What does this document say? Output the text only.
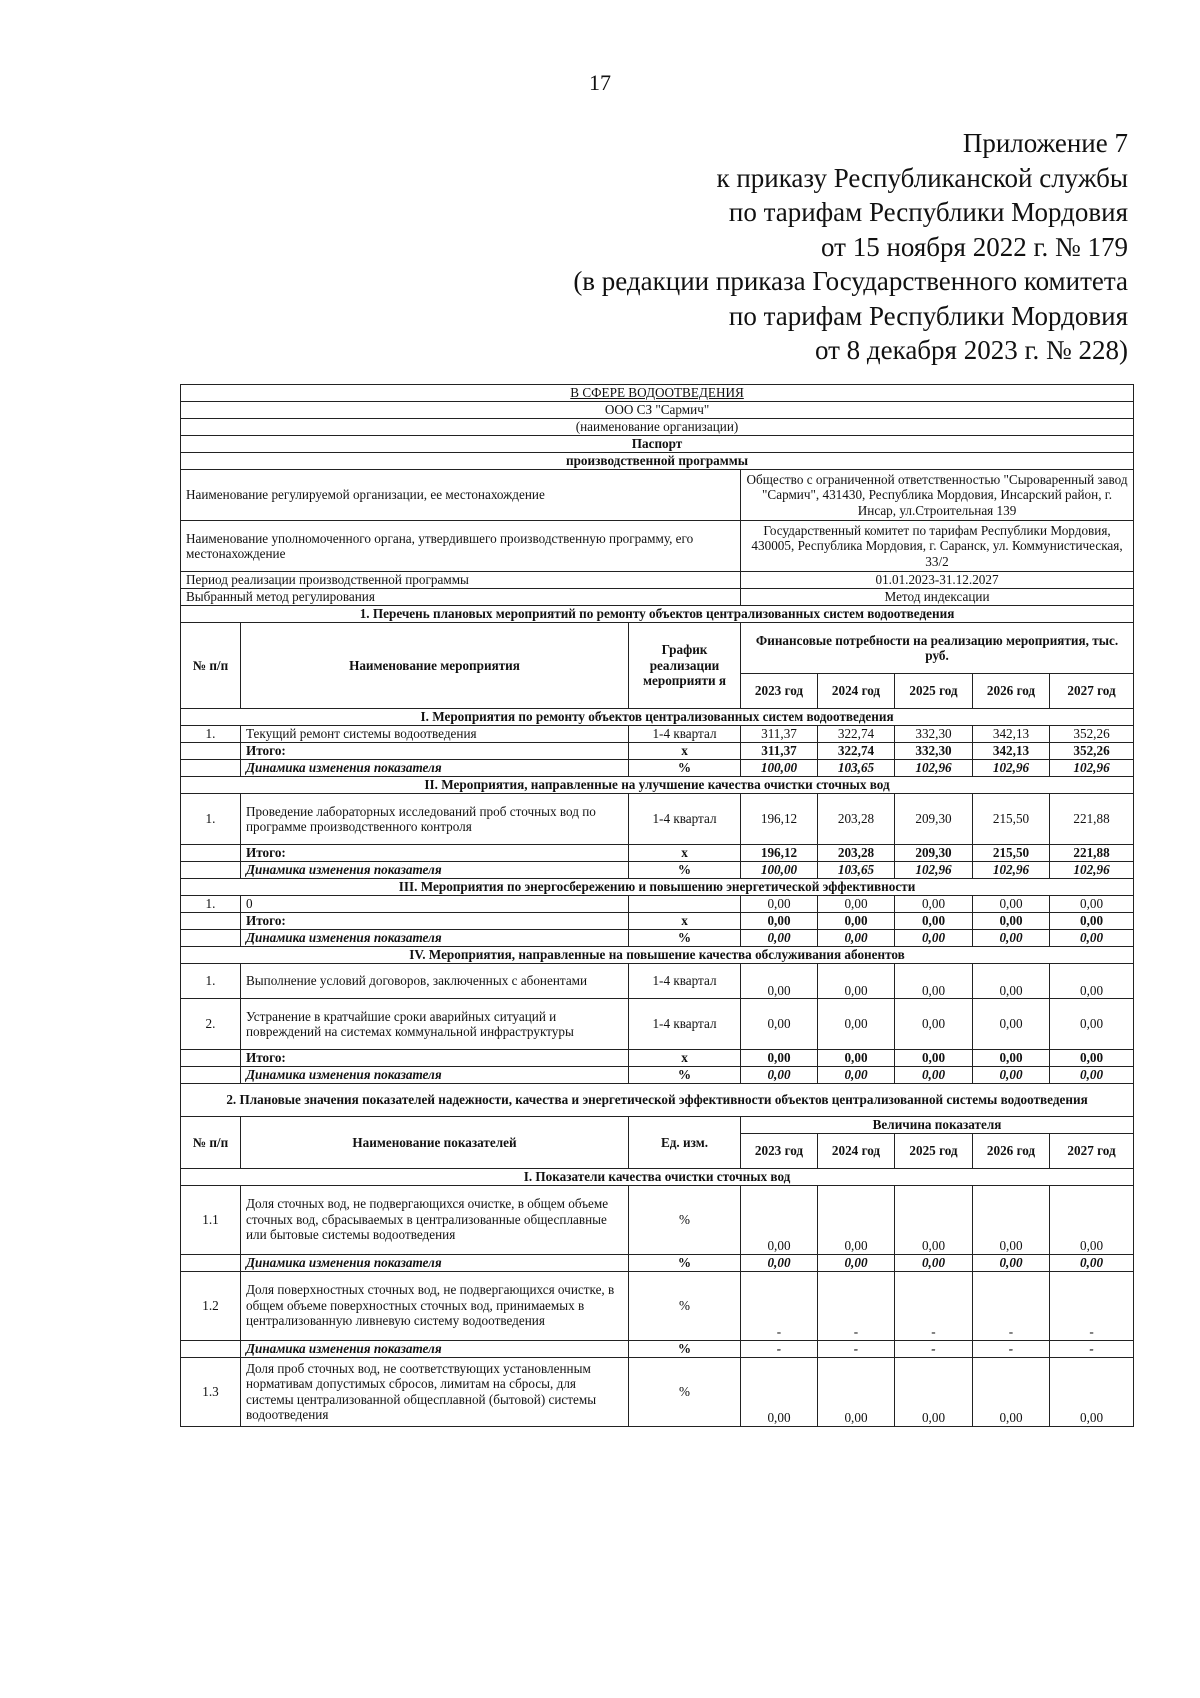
17
Приложение 7
к приказу Республиканской службы
по тарифам Республики Мордовия
от 15 ноября 2022 г. № 179
(в редакции приказа Государственного комитета
по тарифам Республики Мордовия
от 8 декабря 2023 г. № 228)
В СФЕРЕ ВОДООТВЕДЕНИЯ							
ООО СЗ "Сармич"							
(наименование организации)							
Паспорт							
производственной программы							
Наименование регулируемой организации, ее местонахождение			Общество с ограниченной ответственностью "Сыроваренный завод "Сармич", 431430, Республика Мордовия, Инсарский район, г. Инсар, ул.Строительная 139				
Наименование уполномоченного органа, утвердившего производственную программу, его местонахождение			Государственный комитет по тарифам Республики Мордовия, 430005, Республика Мордовия, г. Саранск, ул. Коммунистическая, 33/2				
Период реализации производственной программы			01.01.2023-31.12.2027				
Выбранный метод регулирования			Метод индексации				
1. Перечень плановых мероприятий по ремонту объектов централизованных систем водоотведения							
№ п/п	Наименование мероприятия	График реализации мероприяти я	Финансовые потребности на реализацию мероприятия, тыс. руб.				
			2023 год	2024 год	2025 год	2026 год	2027 год
I. Мероприятия по ремонту объектов централизованных систем водоотведения							
1.	Текущий ремонт системы водоотведения	1-4 квартал	311,37	322,74	332,30	342,13	352,26
	Итого:	х	311,37	322,74	332,30	342,13	352,26
	Динамика изменения показателя	%	100,00	103,65	102,96	102,96	102,96
II. Мероприятия, направленные на улучшение качества очистки сточных вод							
1.	Проведение лабораторных исследований проб сточных вод по программе производственного контроля	1-4 квартал	196,12	203,28	209,30	215,50	221,88
	Итого:	х	196,12	203,28	209,30	215,50	221,88
	Динамика изменения показателя	%	100,00	103,65	102,96	102,96	102,96
III. Мероприятия по энергосбережению и повышению энергетической эффективности							
1.	0		0,00	0,00	0,00	0,00	0,00
	Итого:	х	0,00	0,00	0,00	0,00	0,00
	Динамика изменения показателя	%	0,00	0,00	0,00	0,00	0,00
IV. Мероприятия, направленные на повышение качества обслуживания абонентов							
1.	Выполнение условий договоров, заключенных с абонентами	1-4 квартал	0,00	0,00	0,00	0,00	0,00
2.	Устранение в кратчайшие сроки аварийных ситуаций и повреждений на системах коммунальной инфраструктуры	1-4 квартал	0,00	0,00	0,00	0,00	0,00
	Итого:	х	0,00	0,00	0,00	0,00	0,00
	Динамика изменения показателя	%	0,00	0,00	0,00	0,00	0,00
2. Плановые значения показателей надежности, качества и энергетической эффективности объектов централизованной системы водоотведения							
№ п/п	Наименование показателей	Ед. изм.	Величина показателя				
			2023 год	2024 год	2025 год	2026 год	2027 год
I. Показатели качества очистки сточных вод							
1.1	Доля сточных вод, не подвергающихся очистке, в общем объеме сточных вод, сбрасываемых в централизованные общесплавные или бытовые системы водоотведения	%	0,00	0,00	0,00	0,00	0,00
	Динамика изменения показателя	%	0,00	0,00	0,00	0,00	0,00
1.2	Доля поверхностных сточных вод, не подвергающихся очистке, в общем объеме поверхностных сточных вод, принимаемых в централизованную ливневую систему водоотведения	%	-	-	-	-	-
	Динамика изменения показателя	%	-	-	-	-	-
1.3	Доля проб сточных вод, не соответствующих установленным нормативам допустимых сбросов, лимитам на сбросы, для системы централизованной общесплавной (бытовой) системы водоотведения	%	0,00	0,00	0,00	0,00	0,00
